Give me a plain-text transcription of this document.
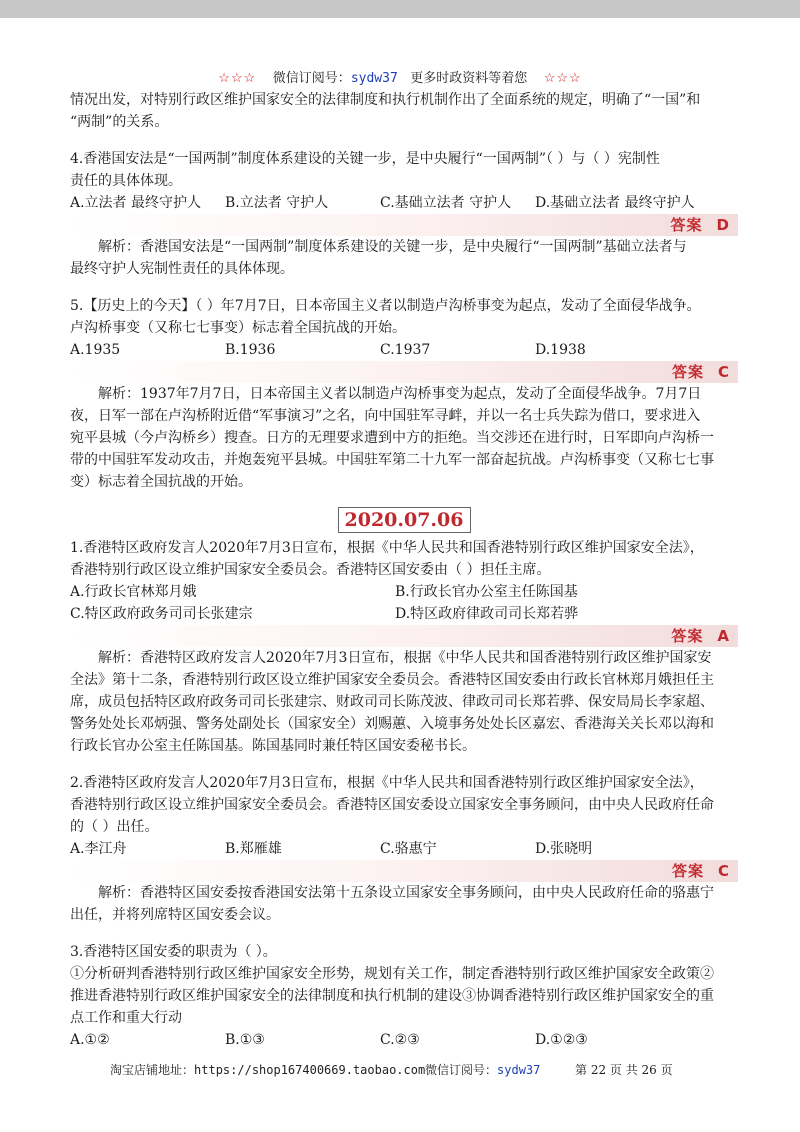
☆☆☆ 微信订阅号：sydw37 更多时政资料等着您 ☆☆☆

情况出发，对特别行政区维护国家安全的法律制度和执行机制作出了全面系统的规定，明确了“一国”和

“两制”的关系。

4.香港国安法是“一国两制”制度体系建设的关键一步，是中央履行“一国两制”（ ）与（ ）宪制性

责任的具体体现。

A.立法者 最终守护人	B.立法者 守护人	C.基础立法者 守护人	D.基础立法者 最终守护人
答案 D

解析：香港国安法是“一国两制”制度体系建设的关键一步，是中央履行“一国两制”基础立法者与

最终守护人宪制性责任的具体体现。

5.【历史上的今天】（ ）年7月7日，日本帝国主义者以制造卢沟桥事变为起点，发动了全面侵华战争。

卢沟桥事变（又称七七事变）标志着全国抗战的开始。

A.1935	B.1936	C.1937	D.1938
答案 C

解析：1937年7月7日，日本帝国主义者以制造卢沟桥事变为起点，发动了全面侵华战争。7月7日

夜，日军一部在卢沟桥附近借“军事演习”之名，向中国驻军寻衅，并以一名士兵失踪为借口，要求进入

宛平县城（今卢沟桥乡）搜查。日方的无理要求遭到中方的拒绝。当交涉还在进行时，日军即向卢沟桥一

带的中国驻军发动攻击，并炮轰宛平县城。中国驻军第二十九军一部奋起抗战。卢沟桥事变（又称七七事

变）标志着全国抗战的开始。

2020.07.06

1.香港特区政府发言人2020年7月3日宣布，根据《中华人民共和国香港特别行政区维护国家安全法》，

香港特别行政区设立维护国家安全委员会。香港特区国安委由（ ）担任主席。

A.行政长官林郑月娥	B.行政长官办公室主任陈国基
C.特区政府政务司司长张建宗	D.特区政府律政司司长郑若骅
答案 A

解析：香港特区政府发言人2020年7月3日宣布，根据《中华人民共和国香港特别行政区维护国家安

全法》第十二条，香港特别行政区设立维护国家安全委员会。香港特区国安委由行政长官林郑月娥担任主

席，成员包括特区政府政务司司长张建宗、财政司司长陈茂波、律政司司长郑若骅、保安局局长李家超、

警务处处长邓炳强、警务处副处长（国家安全）刘赐蕙、入境事务处处长区嘉宏、香港海关关长邓以海和

行政长官办公室主任陈国基。陈国基同时兼任特区国安委秘书长。

2.香港特区政府发言人2020年7月3日宣布，根据《中华人民共和国香港特别行政区维护国家安全法》，

香港特别行政区设立维护国家安全委员会。香港特区国安委设立国家安全事务顾问，由中央人民政府任命

的（ ）出任。

A.李江舟	B.郑雁雄	C.骆惠宁	D.张晓明
答案 C

解析：香港特区国安委按香港国安法第十五条设立国家安全事务顾问，由中央人民政府任命的骆惠宁

出任，并将列席特区国安委会议。

3.香港特区国安委的职责为（ ）。

①分析研判香港特别行政区维护国家安全形势，规划有关工作，制定香港特别行政区维护国家安全政策②

推进香港特别行政区维护国家安全的法律制度和执行机制的建设③协调香港特别行政区维护国家安全的重

点工作和重大行动

A.①②	B.①③	C.②③	D.①②③
淘宝店铺地址：https://shop167400669.taobao.com 微信订阅号：sydw37	第 22 页 共 26 页
